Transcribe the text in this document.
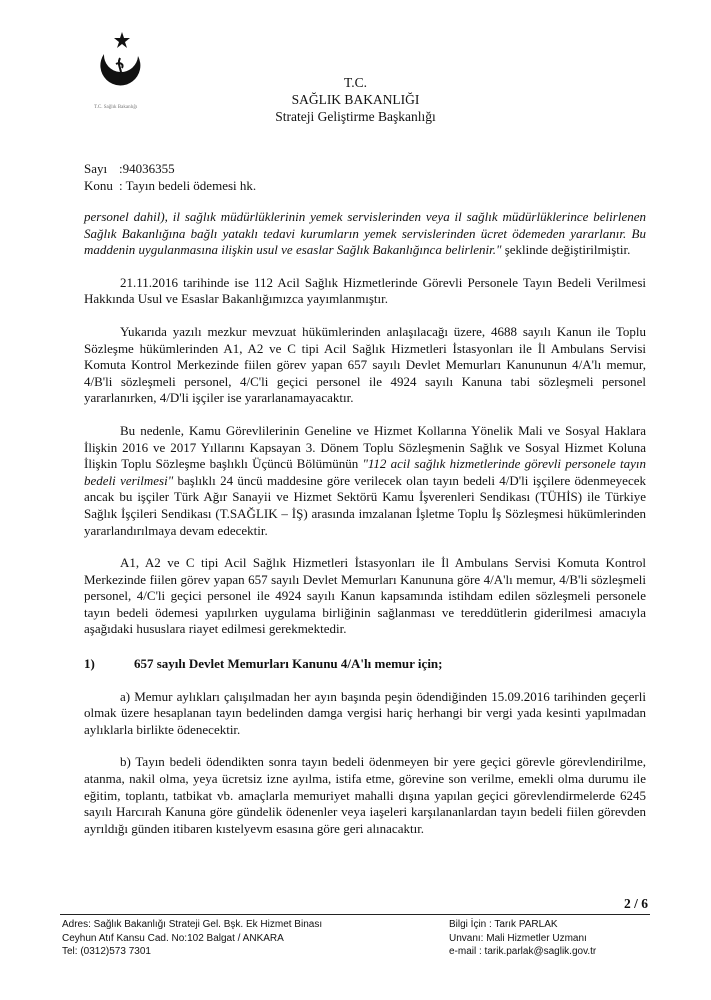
T.C. Sağlık Bakanlığı
T.C.
SAĞLIK BAKANLIĞI
Strateji Geliştirme Başkanlığı
Sayı :94036355
Konu : Tayın bedeli ödemesi hk.

personel dahil), il sağlık müdürlüklerinin yemek servislerinden veya il sağlık müdürlüklerince belirlenen Sağlık Bakanlığına bağlı yataklı tedavi kurumların yemek servislerinden ücret ödemeden yararlanır. Bu maddenin uygulanmasına ilişkin usul ve esaslar Sağlık Bakanlığınca belirlenir." şeklinde değiştirilmiştir.

21.11.2016 tarihinde ise 112 Acil Sağlık Hizmetlerinde Görevli Personele Tayın Bedeli Verilmesi Hakkında Usul ve Esaslar Bakanlığımızca yayımlanmıştır.

Yukarıda yazılı mezkur mevzuat hükümlerinden anlaşılacağı üzere, 4688 sayılı Kanun ile Toplu Sözleşme hükümlerinden A1, A2 ve C tipi Acil Sağlık Hizmetleri İstasyonları ile İl Ambulans Servisi Komuta Kontrol Merkezinde fiilen görev yapan 657 sayılı Devlet Memurları Kanununun 4/A'lı memur, 4/B'li sözleşmeli personel, 4/C'li geçici personel ile 4924 sayılı Kanuna tabi sözleşmeli personel yararlanırken, 4/D'li işçiler ise yararlanamayacaktır.

Bu nedenle, Kamu Görevlilerinin Geneline ve Hizmet Kollarına Yönelik Mali ve Sosyal Haklara İlişkin 2016 ve 2017 Yıllarını Kapsayan 3. Dönem Toplu Sözleşmenin Sağlık ve Sosyal Hizmet Koluna İlişkin Toplu Sözleşme başlıklı Üçüncü Bölümünün "112 acil sağlık hizmetlerinde görevli personele tayın bedeli verilmesi" başlıklı 24 üncü maddesine göre verilecek olan tayın bedeli 4/D'li işçilere ödenmeyecek ancak bu işçiler Türk Ağır Sanayii ve Hizmet Sektörü Kamu İşverenleri Sendikası (TÜHİS) ile Türkiye Sağlık İşçileri Sendikası (T.SAĞLIK – İŞ) arasında imzalanan İşletme Toplu İş Sözleşmesi hükümlerinden yararlandırılmaya devam edecektir.

A1, A2 ve C tipi Acil Sağlık Hizmetleri İstasyonları ile İl Ambulans Servisi Komuta Kontrol Merkezinde fiilen görev yapan 657 sayılı Devlet Memurları Kanununa göre 4/A'lı memur, 4/B'li sözleşmeli personel, 4/C'li geçici personel ile 4924 sayılı Kanun kapsamında istihdam edilen sözleşmeli personele tayın bedeli ödemesi yapılırken uygulama birliğinin sağlanması ve tereddütlerin giderilmesi amacıyla aşağıdaki hususlara riayet edilmesi gerekmektedir.

1)	657 sayılı Devlet Memurları Kanunu 4/A'lı memur için;

a) Memur aylıkları çalışılmadan her ayın başında peşin ödendiğinden 15.09.2016 tarihinden geçerli olmak üzere hesaplanan tayın bedelinden damga vergisi hariç herhangi bir vergi yada kesinti yapılmadan aylıklarla birlikte ödenecektir.

b) Tayın bedeli ödendikten sonra tayın bedeli ödenmeyen bir yere geçici görevle görevlendirilme, atanma, nakil olma, yeya ücretsiz izne ayılma, istifa etme, görevine son verilme, emekli olma durumu ile eğitim, toplantı, tatbikat vb. amaçlarla memuriyet mahalli dışına yapılan geçici görevlendirmelerde 6245 sayılı Harcırah Kanuna göre gündelik ödenenler veya iaşeleri karşılananlardan tayın bedeli fiilen görevden ayrıldığı günden itibaren kıstelyevm esasına göre geri alınacaktır.

2 / 6
Adres: Sağlık Bakanlığı Strateji Gel. Bşk. Ek Hizmet Binası
Ceyhun Atıf Kansu Cad. No:102 Balgat / ANKARA
Tel: (0312)573 7301
Bilgi İçin : Tarık PARLAK
Unvanı: Mali Hizmetler Uzmanı
e-mail : tarik.parlak@saglik.gov.tr
